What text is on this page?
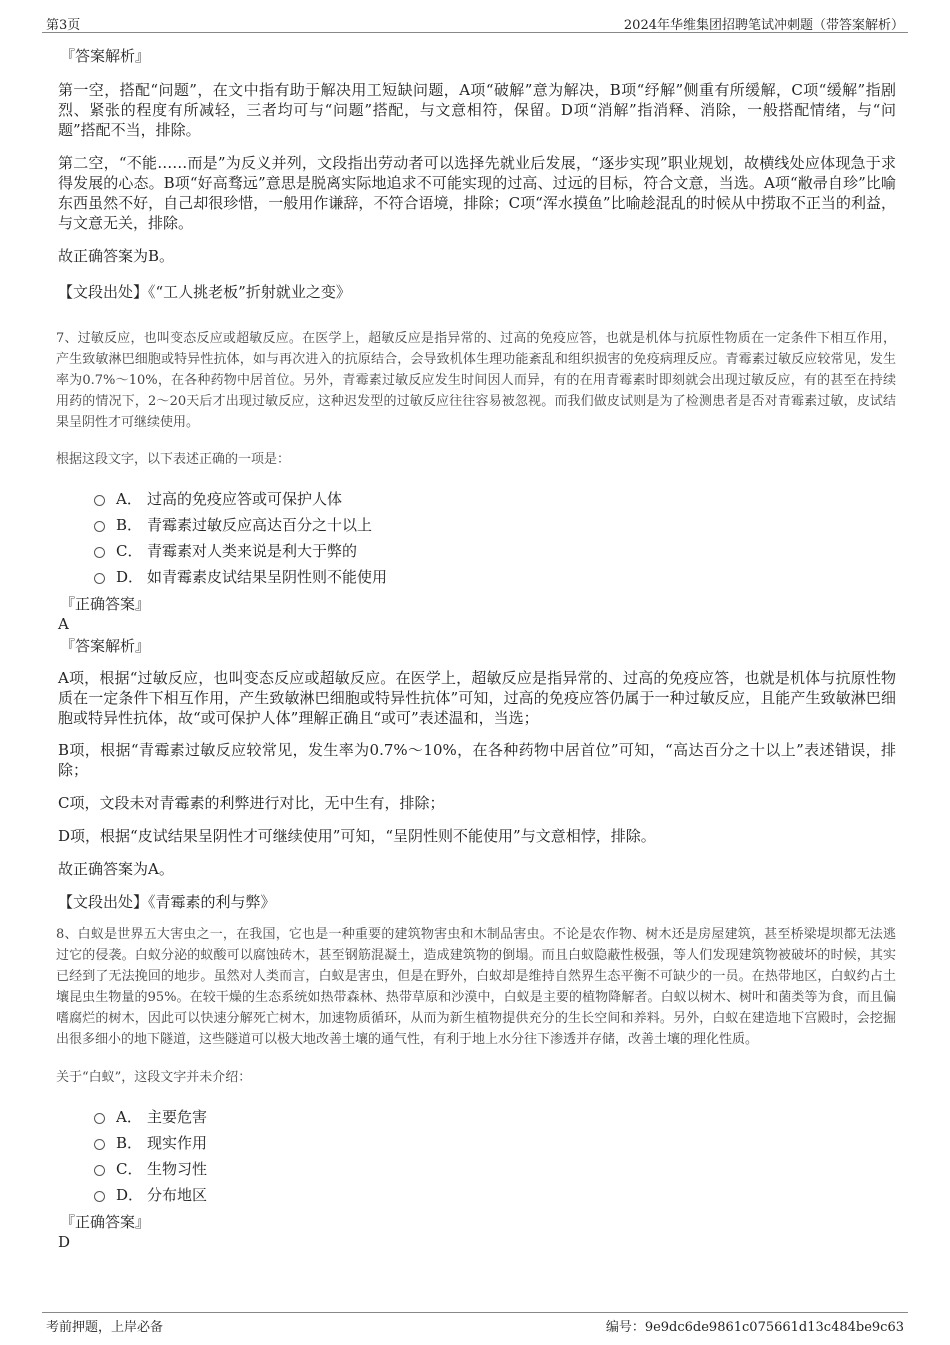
第3页	2024年华维集团招聘笔试冲刺题（带答案解析）
『答案解析』

第一空，搭配“问题”，在文中指有助于解决用工短缺问题，A项“破解”意为解决，B项“纾解”侧重有所缓解，C项“缓解”指剧烈、紧张的程度有所减轻，三者均可与“问题”搭配，与文意相符，保留。D项“消解”指消释、消除，一般搭配情绪，与“问题”搭配不当，排除。

第二空，“不能……而是”为反义并列，文段指出劳动者可以选择先就业后发展，“逐步实现”职业规划，故横线处应体现急于求得发展的心态。B项“好高骛远”意思是脱离实际地追求不可能实现的过高、过远的目标，符合文意，当选。A项“敝帚自珍”比喻东西虽然不好，自己却很珍惜，一般用作谦辞，不符合语境，排除；C项“浑水摸鱼”比喻趁混乱的时候从中捞取不正当的利益，与文意无关，排除。

故正确答案为B。

【文段出处】《“工人挑老板”折射就业之变》

7、过敏反应，也叫变态反应或超敏反应。在医学上，超敏反应是指异常的、过高的免疫应答，也就是机体与抗原性物质在一定条件下相互作用，产生致敏淋巴细胞或特异性抗体，如与再次进入的抗原结合，会导致机体生理功能紊乱和组织损害的免疫病理反应。青霉素过敏反应较常见，发生率为0.7%～10%，在各种药物中居首位。另外，青霉素过敏反应发生时间因人而异，有的在用青霉素时即刻就会出现过敏反应，有的甚至在持续用药的情况下，2～20天后才出现过敏反应，这种迟发型的过敏反应往往容易被忽视。而我们做皮试则是为了检测患者是否对青霉素过敏，皮试结果呈阴性才可继续使用。

根据这段文字，以下表述正确的一项是：

A． 过高的免疫应答或可保护人体
B． 青霉素过敏反应高达百分之十以上
C． 青霉素对人类来说是利大于弊的
D． 如青霉素皮试结果呈阴性则不能使用
『正确答案』
A
『答案解析』

A项，根据“过敏反应，也叫变态反应或超敏反应。在医学上，超敏反应是指异常的、过高的免疫应答，也就是机体与抗原性物质在一定条件下相互作用，产生致敏淋巴细胞或特异性抗体”可知，过高的免疫应答仍属于一种过敏反应，且能产生致敏淋巴细胞或特异性抗体，故“或可保护人体”理解正确且“或可”表述温和，当选；

B项，根据“青霉素过敏反应较常见，发生率为0.7%～10%，在各种药物中居首位”可知，“高达百分之十以上”表述错误，排除；

C项，文段未对青霉素的利弊进行对比，无中生有，排除；

D项，根据“皮试结果呈阴性才可继续使用”可知，“呈阴性则不能使用”与文意相悖，排除。

故正确答案为A。

【文段出处】《青霉素的利与弊》

8、白蚁是世界五大害虫之一，在我国，它也是一种重要的建筑物害虫和木制品害虫。不论是农作物、树木还是房屋建筑，甚至桥梁堤坝都无法逃过它的侵袭。白蚁分泌的蚁酸可以腐蚀砖木，甚至钢筋混凝土，造成建筑物的倒塌。而且白蚁隐蔽性极强，等人们发现建筑物被破坏的时候，其实已经到了无法挽回的地步。虽然对人类而言，白蚁是害虫，但是在野外，白蚁却是维持自然界生态平衡不可缺少的一员。在热带地区，白蚁约占土壤昆虫生物量的95%。在较干燥的生态系统如热带森林、热带草原和沙漠中，白蚁是主要的植物降解者。白蚁以树木、树叶和菌类等为食，而且偏嗜腐烂的树木，因此可以快速分解死亡树木，加速物质循环，从而为新生植物提供充分的生长空间和养料。另外，白蚁在建造地下宫殿时，会挖掘出很多细小的地下隧道，这些隧道可以极大地改善土壤的通气性，有利于地上水分往下渗透并存储，改善土壤的理化性质。

关于“白蚁”，这段文字并未介绍：

A． 主要危害
B． 现实作用
C． 生物习性
D． 分布地区
『正确答案』
D
考前押题，上岸必备	编号：9e9dc6de9861c075661d13c484be9c63
